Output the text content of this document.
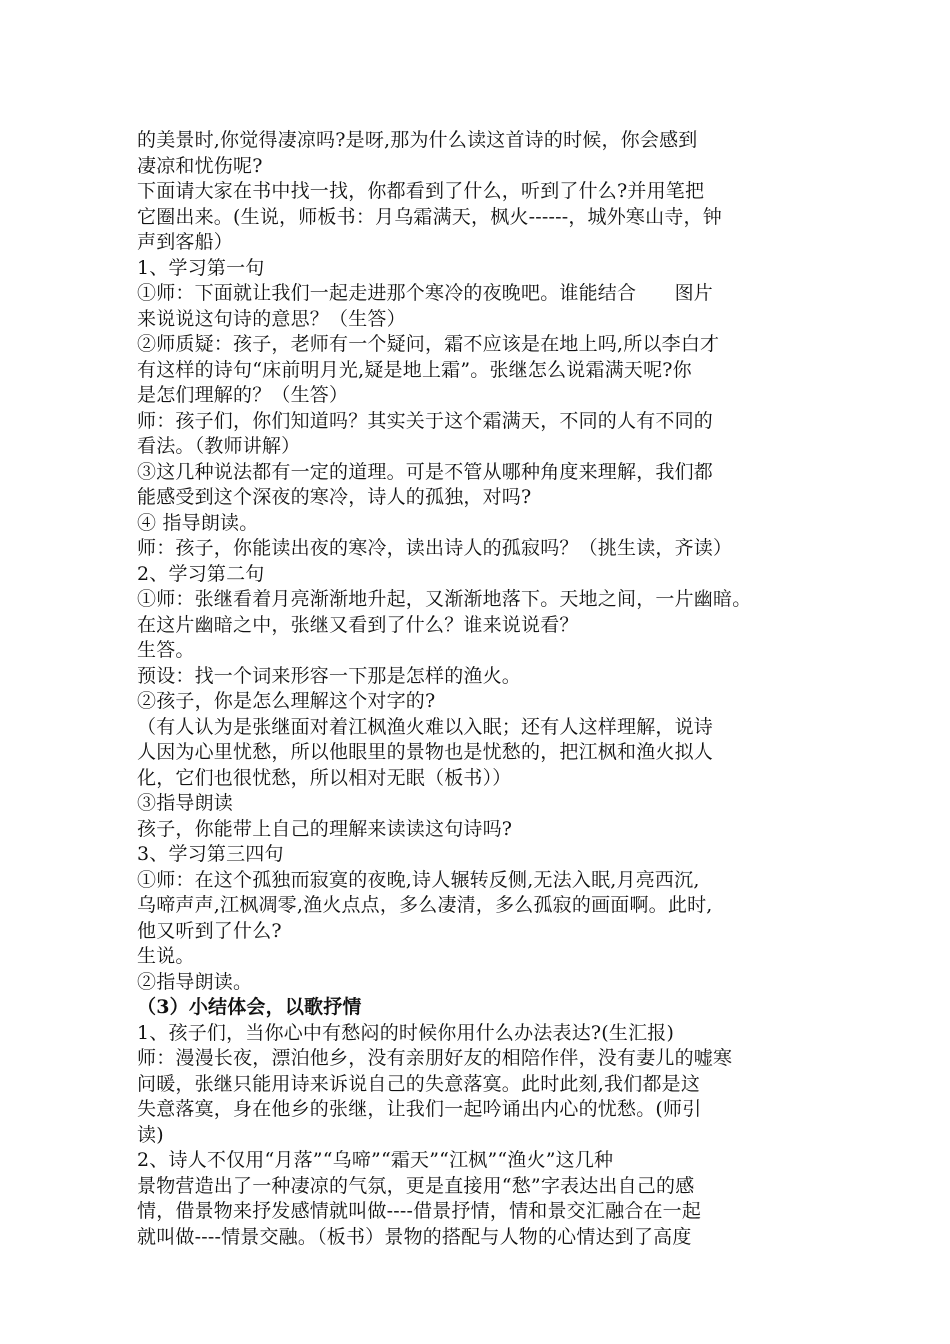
的美景时,你觉得凄凉吗?是呀,那为什么读这首诗的时候，你会感到
凄凉和忧伤呢?
下面请大家在书中找一找，你都看到了什么，听到了什么?并用笔把
它圈出来。(生说，师板书：月乌霜满天，枫火------，城外寒山寺，钟
声到客船）
1、学习第一句
①师：下面就让我们一起走进那个寒冷的夜晚吧。谁能结合　　图片
来说说这句诗的意思？（生答）
②师质疑：孩子，老师有一个疑问，霜不应该是在地上吗,所以李白才
有这样的诗句“床前明月光,疑是地上霜”。张继怎么说霜满天呢?你
是怎们理解的？（生答）
师：孩子们，你们知道吗？其实关于这个霜满天，不同的人有不同的
看法。（教师讲解）
③这几种说法都有一定的道理。可是不管从哪种角度来理解，我们都
能感受到这个深夜的寒冷，诗人的孤独，对吗?
④ 指导朗读。
师：孩子，你能读出夜的寒冷，读出诗人的孤寂吗？（挑生读，齐读）
2、学习第二句
①师：张继看着月亮渐渐地升起，又渐渐地落下。天地之间，一片幽暗。
在这片幽暗之中，张继又看到了什么？谁来说说看？
生答。
预设：找一个词来形容一下那是怎样的渔火。
②孩子，你是怎么理解这个对字的?
（有人认为是张继面对着江枫渔火难以入眠；还有人这样理解，说诗
人因为心里忧愁，所以他眼里的景物也是忧愁的，把江枫和渔火拟人
化，它们也很忧愁，所以相对无眠（板书））
③指导朗读
孩子，你能带上自己的理解来读读这句诗吗?
3、学习第三四句
①师：在这个孤独而寂寞的夜晚,诗人辗转反侧,无法入眠,月亮西沉,
乌啼声声,江枫凋零,渔火点点，多么凄清，多么孤寂的画面啊。此时,
他又听到了什么?
生说。
②指导朗读。
（3）小结体会，以歌抒情
1、孩子们，当你心中有愁闷的时候你用什么办法表达?(生汇报)
师：漫漫长夜，漂泊他乡，没有亲朋好友的相陪作伴，没有妻儿的嘘寒
问暖，张继只能用诗来诉说自己的失意落寞。此时此刻,我们都是这
失意落寞，身在他乡的张继，让我们一起吟诵出内心的忧愁。(师引
读)
2、诗人不仅用“月落”“乌啼”“霜天”“江枫”“渔火”这几种
景物营造出了一种凄凉的气氛，更是直接用“愁”字表达出自己的感
情，借景物来抒发感情就叫做----借景抒情，情和景交汇融合在一起
就叫做----情景交融。（板书）景物的搭配与人物的心情达到了高度
